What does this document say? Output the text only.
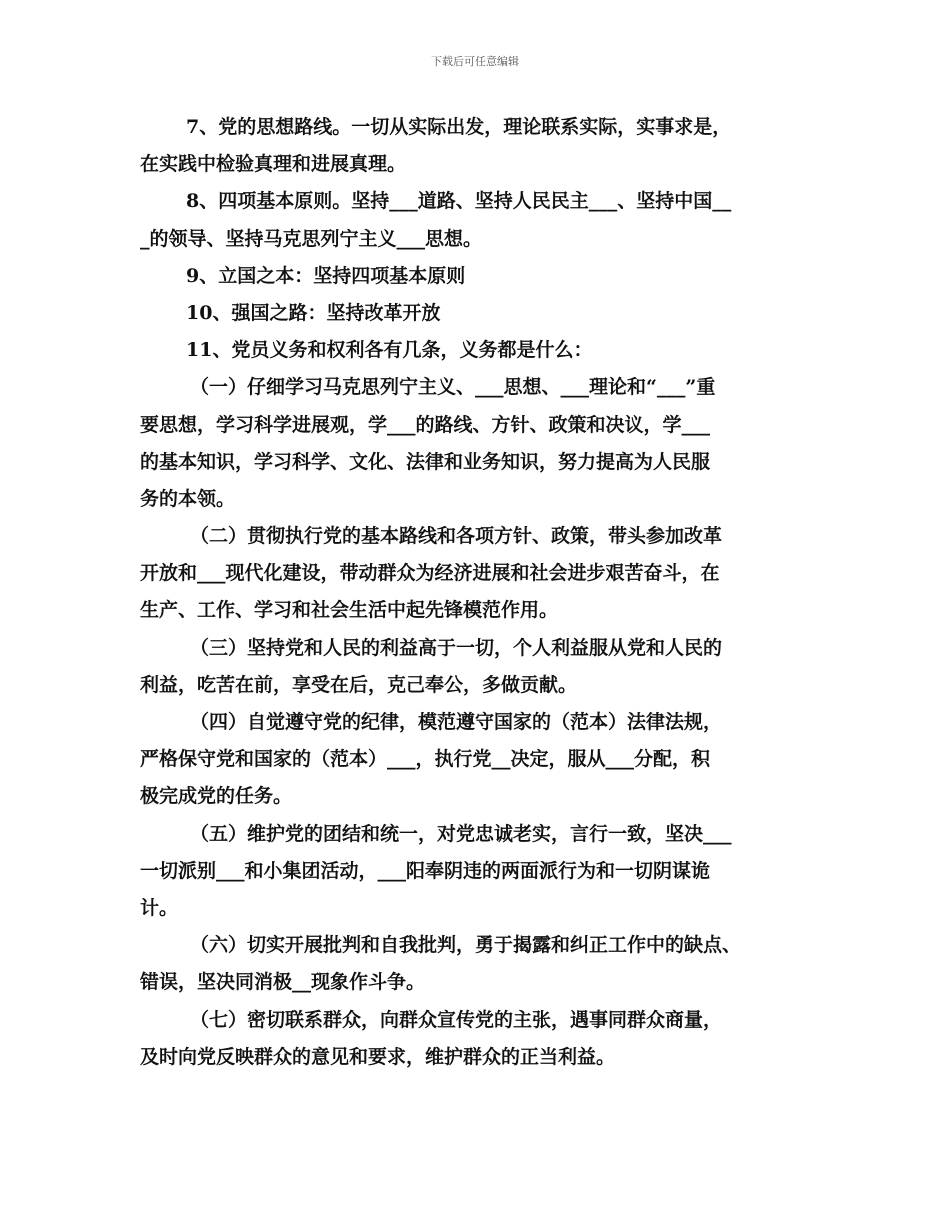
下载后可任意编辑
7、党的思想路线。一切从实际出发，理论联系实际，实事求是，
在实践中检验真理和进展真理。
8、四项基本原则。坚持___道路、坚持人民民主___、坚持中国__
_的领导、坚持马克思列宁主义___思想。
9、立国之本：坚持四项基本原则
10、强国之路：坚持改革开放
11、党员义务和权利各有几条，义务都是什么：
（一）仔细学习马克思列宁主义、___思想、___理论和“___”重
要思想，学习科学进展观，学___的路线、方针、政策和决议，学___
的基本知识，学习科学、文化、法律和业务知识，努力提高为人民服
务的本领。
（二）贯彻执行党的基本路线和各项方针、政策，带头参加改革
开放和___现代化建设，带动群众为经济进展和社会进步艰苦奋斗，在
生产、工作、学习和社会生活中起先锋模范作用。
（三）坚持党和人民的利益高于一切，个人利益服从党和人民的
利益，吃苦在前，享受在后，克己奉公，多做贡献。
（四）自觉遵守党的纪律，模范遵守国家的（范本）法律法规，
严格保守党和国家的（范本）___，执行党__决定，服从___分配，积
极完成党的任务。
（五）维护党的团结和统一，对党忠诚老实，言行一致，坚决___
一切派别___和小集团活动，___阳奉阴违的两面派行为和一切阴谋诡
计。
（六）切实开展批判和自我批判，勇于揭露和纠正工作中的缺点、
错误，坚决同消极__现象作斗争。
（七）密切联系群众，向群众宣传党的主张，遇事同群众商量，
及时向党反映群众的意见和要求，维护群众的正当利益。
